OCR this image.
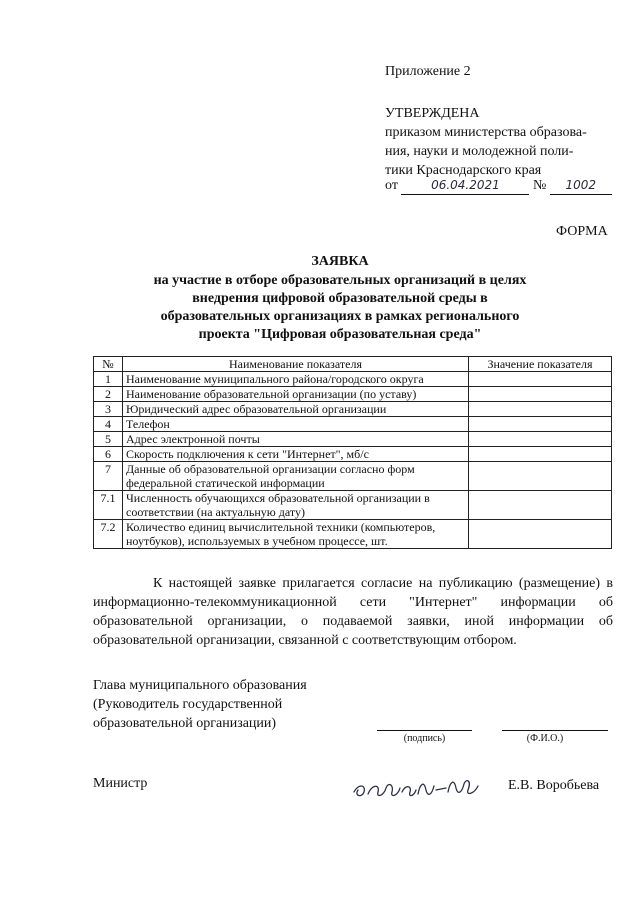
Приложение 2
УТВЕРЖДЕНА
приказом министерства образова-
ния, науки и молодежной поли-
тики Краснодарского края
от	06.04.2021 № 1002
ФОРМА
ЗАЯВКА
на участие в отборе образовательных организаций в целях
внедрения цифровой образовательной среды в
образовательных организациях в рамках регионального
проекта "Цифровая образовательная среда"
№	Наименование показателя	Значение показателя
1	Наименование муниципального района/городского округа	
2	Наименование образовательной организации (по уставу)	
3	Юридический адрес образовательной организации	
4	Телефон	
5	Адрес электронной почты	
6	Скорость подключения к сети "Интернет", мб/с	
7	Данные об образовательной организации согласно форм федеральной статической информации	
7.1	Численность обучающихся образовательной организации в соответствии (на актуальную дату)	
7.2	Количество единиц вычислительной техники (компьютеров, ноутбуков), используемых в учебном процессе, шт.	
К настоящей заявке прилагается согласие на публикацию (размещение) в информационно-телекоммуникационной сети "Интернет" информации об образовательной организации, о подаваемой заявки, иной информации об образовательной организации, связанной с соответствующим отбором.
Глава муниципального образования
(Руководитель государственной
образовательной организации)
(подпись)	(Ф.И.О.)
Министр	Е.В. Воробьева
